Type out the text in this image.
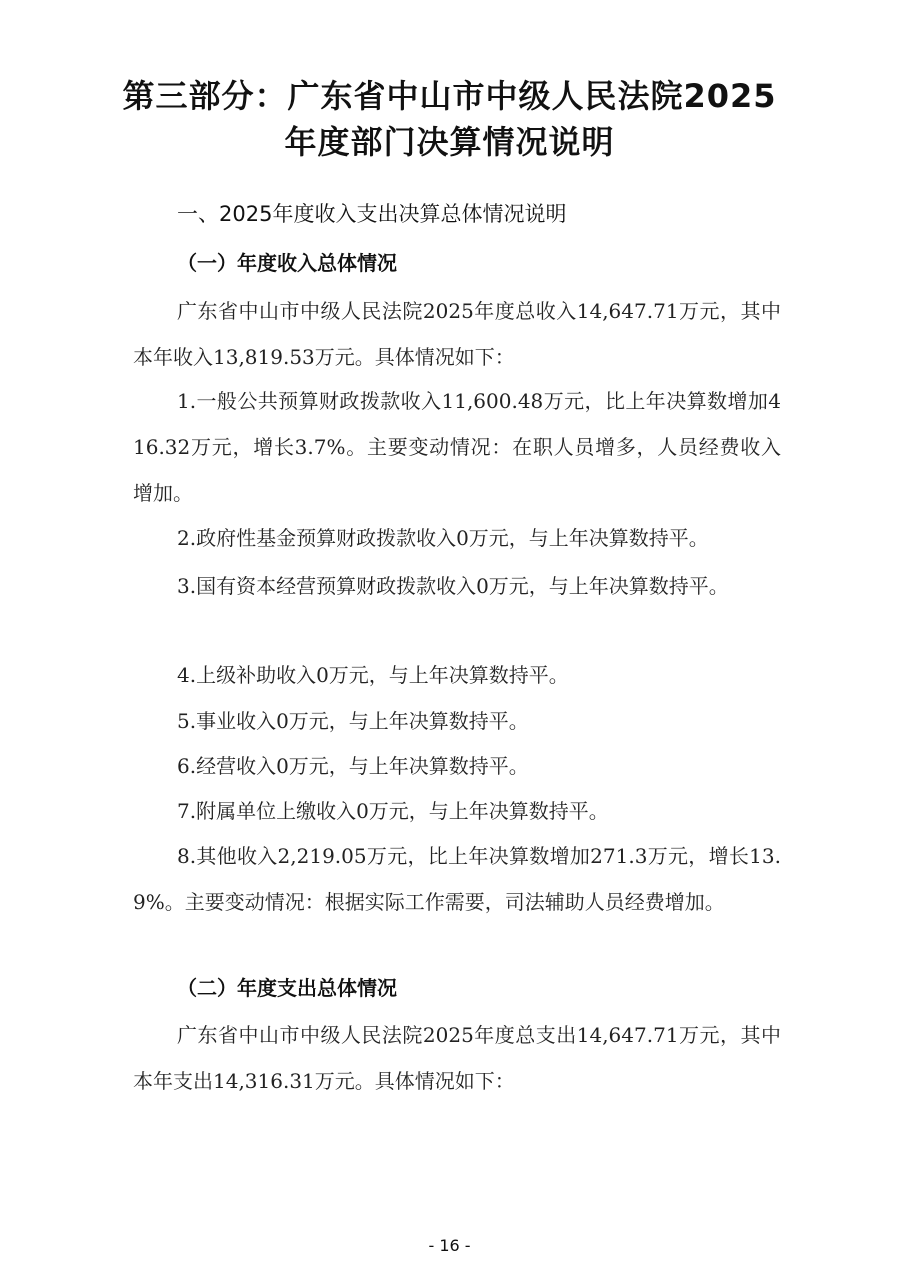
第三部分：广东省中山市中级人民法院2025
年度部门决算情况说明
一、2025年度收入支出决算总体情况说明
（一）年度收入总体情况
广东省中山市中级人民法院2025年度总收入14,647.71万元，其中本年收入13,819.53万元。具体情况如下：
1.一般公共预算财政拨款收入11,600.48万元，比上年决算数增加416.32万元，增长3.7%。主要变动情况：在职人员增多，人员经费收入增加。
2.政府性基金预算财政拨款收入0万元，与上年决算数持平。
3.国有资本经营预算财政拨款收入0万元，与上年决算数持平。
4.上级补助收入0万元，与上年决算数持平。
5.事业收入0万元，与上年决算数持平。
6.经营收入0万元，与上年决算数持平。
7.附属单位上缴收入0万元，与上年决算数持平。
8.其他收入2,219.05万元，比上年决算数增加271.3万元，增长13.9%。主要变动情况：根据实际工作需要，司法辅助人员经费增加。
（二）年度支出总体情况
广东省中山市中级人民法院2025年度总支出14,647.71万元，其中本年支出14,316.31万元。具体情况如下：
- 16 -
